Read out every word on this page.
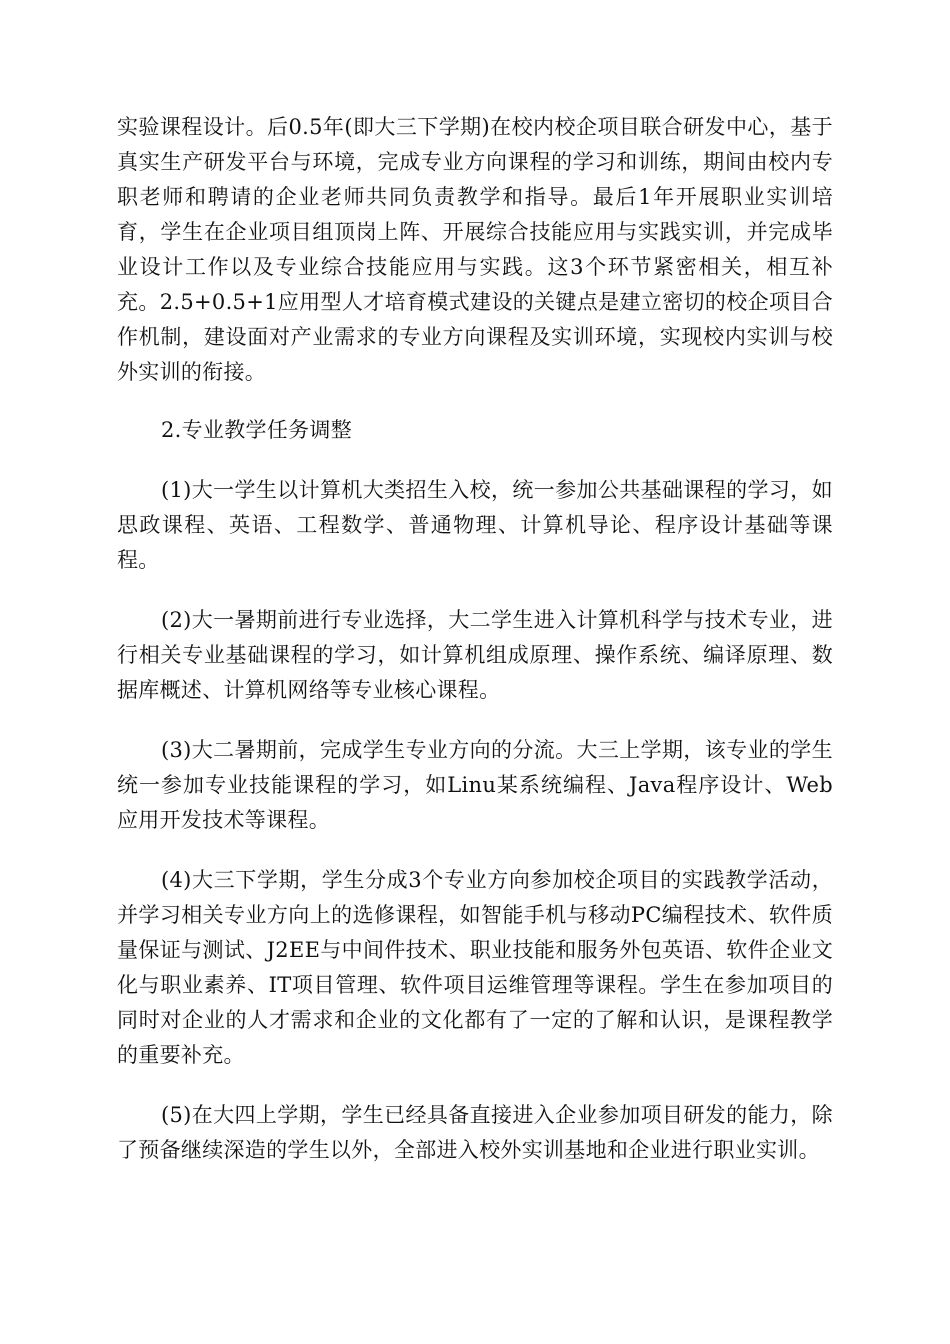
实验课程设计。后0.5年(即大三下学期)在校内校企项目联合研发中心，基于真实生产研发平台与环境，完成专业方向课程的学习和训练，期间由校内专职老师和聘请的企业老师共同负责教学和指导。最后1年开展职业实训培育，学生在企业项目组顶岗上阵、开展综合技能应用与实践实训，并完成毕业设计工作以及专业综合技能应用与实践。这3个环节紧密相关，相互补充。2.5+0.5+1应用型人才培育模式建设的关键点是建立密切的校企项目合作机制，建设面对产业需求的专业方向课程及实训环境，实现校内实训与校外实训的衔接。

2.专业教学任务调整

(1)大一学生以计算机大类招生入校，统一参加公共基础课程的学习，如思政课程、英语、工程数学、普通物理、计算机导论、程序设计基础等课程。

(2)大一暑期前进行专业选择，大二学生进入计算机科学与技术专业，进行相关专业基础课程的学习，如计算机组成原理、操作系统、编译原理、数据库概述、计算机网络等专业核心课程。

(3)大二暑期前，完成学生专业方向的分流。大三上学期，该专业的学生统一参加专业技能课程的学习，如Linu某系统编程、Java程序设计、Web应用开发技术等课程。

(4)大三下学期，学生分成3个专业方向参加校企项目的实践教学活动，并学习相关专业方向上的选修课程，如智能手机与移动PC编程技术、软件质量保证与测试、J2EE与中间件技术、职业技能和服务外包英语、软件企业文化与职业素养、IT项目管理、软件项目运维管理等课程。学生在参加项目的同时对企业的人才需求和企业的文化都有了一定的了解和认识，是课程教学的重要补充。

(5)在大四上学期，学生已经具备直接进入企业参加项目研发的能力，除了预备继续深造的学生以外，全部进入校外实训基地和企业进行职业实训。
